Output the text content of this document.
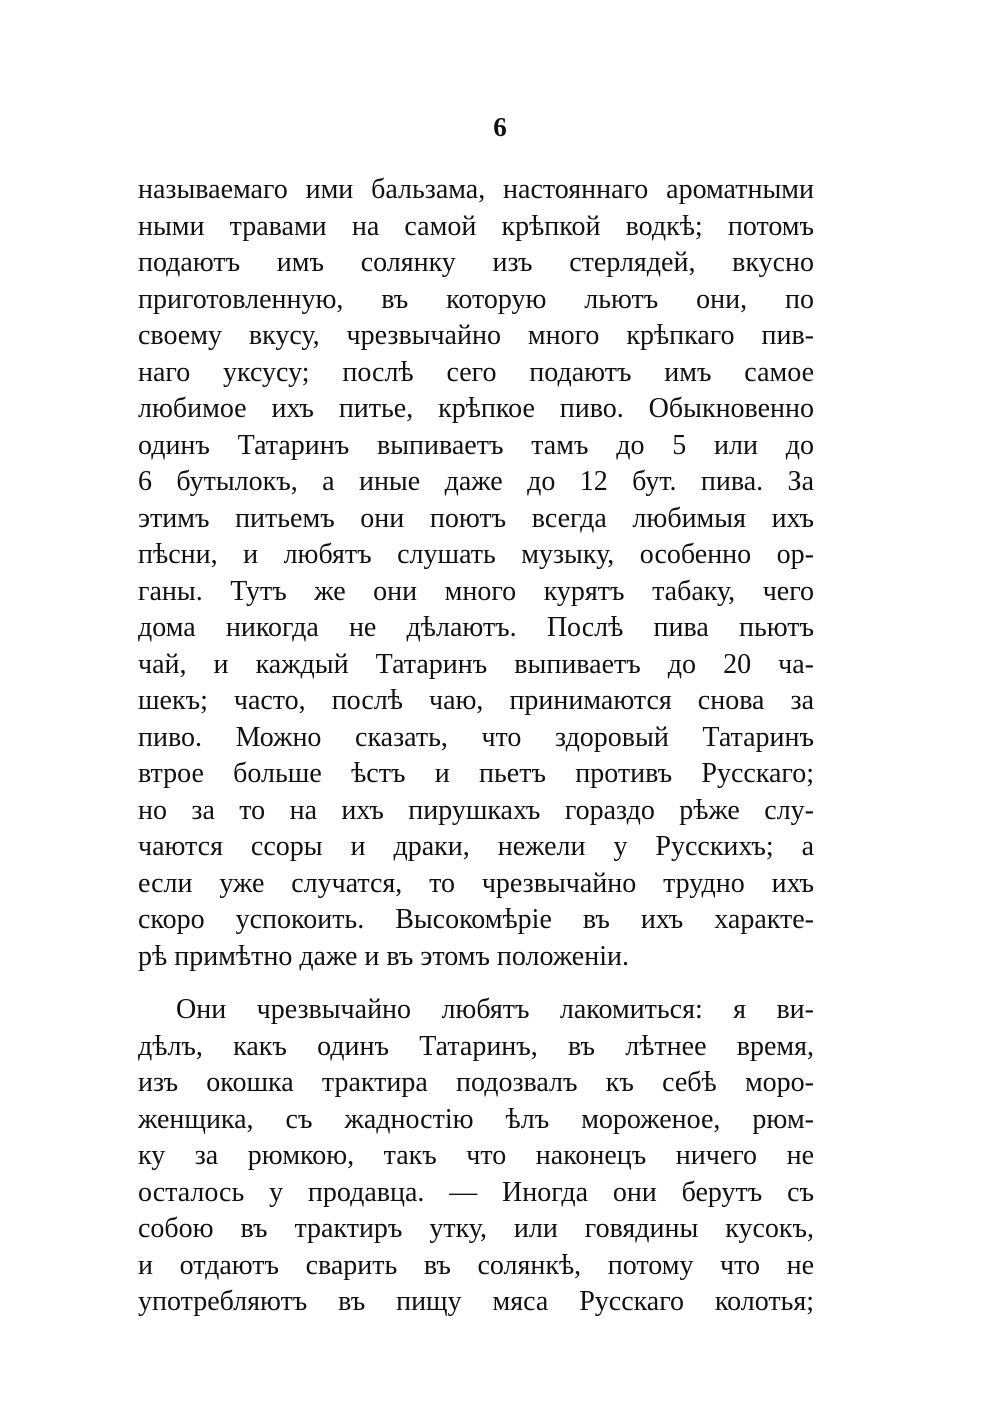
6
называемаго ими бальзама, настояннаго ароматными
ными травами на самой крѣпкой водкѣ; потомъ
подаютъ имъ солянку изъ стерлядей, вкусно
приготовленную, въ которую льютъ они, по
своему вкусу, чрезвычайно много крѣпкаго пив-
наго уксусу; послѣ сего подаютъ имъ самое
любимое ихъ питье, крѣпкое пиво. Обыкновенно
одинъ Татаринъ выпиваетъ тамъ до 5 или до
6 бутылокъ, а иные даже до 12 бут. пива. За
этимъ питьемъ они поютъ всегда любимыя ихъ
пѣсни, и любятъ слушать музыку, особенно ор-
ганы. Тутъ же они много курятъ табаку, чего
дома никогда не дѣлаютъ. Послѣ пива пьютъ
чай, и каждый Татаринъ выпиваетъ до 20 ча-
шекъ; часто, послѣ чаю, принимаются снова за
пиво. Можно сказать, что здоровый Татаринъ
втрое больше ѣстъ и пьетъ противъ Русскаго;
но за то на ихъ пирушкахъ гораздо рѣже слу-
чаются ссоры и драки, нежели у Русскихъ; а
если уже случатся, то чрезвычайно трудно ихъ
скоро успокоить. Высокомѣріе въ ихъ характе-
рѣ примѣтно даже и въ этомъ положеніи.
Они чрезвычайно любятъ лакомиться: я ви-
дѣлъ, какъ одинъ Татаринъ, въ лѣтнее время,
изъ окошка трактира подозвалъ къ себѣ моро-
женщика, съ жадностію ѣлъ мороженое, рюм-
ку за рюмкою, такъ что наконецъ ничего не
осталось у продавца. — Иногда они берутъ съ
собою въ трактиръ утку, или говядины кусокъ,
и отдаютъ сварить въ солянкѣ, потому что не
употребляютъ въ пищу мяса Русскаго колотья;
